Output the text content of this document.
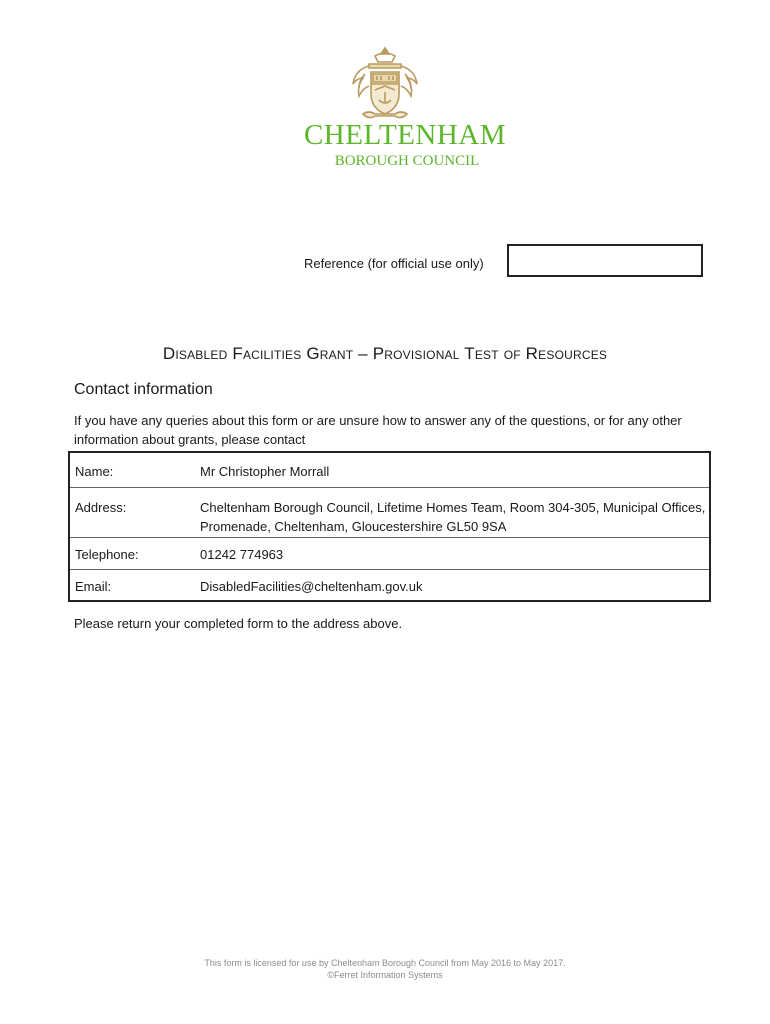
CHELTENHAM
BOROUGH COUNCIL
Reference (for official use only)
Disabled Facilities Grant – Provisional Test of Resources
Contact information
If you have any queries about this form or are unsure how to answer any of the questions, or for any other information about grants, please contact
Name:	Mr Christopher Morrall
Address:	Cheltenham Borough Council, Lifetime Homes Team, Room 304-305, Municipal Offices, Promenade, Cheltenham, Gloucestershire GL50 9SA
Telephone:	01242 774963
Email:	DisabledFacilities@cheltenham.gov.uk
Please return your completed form to the address above.
This form is licensed for use by Cheltenham Borough Council from May 2016 to May 2017.
©Ferret Information Systems
